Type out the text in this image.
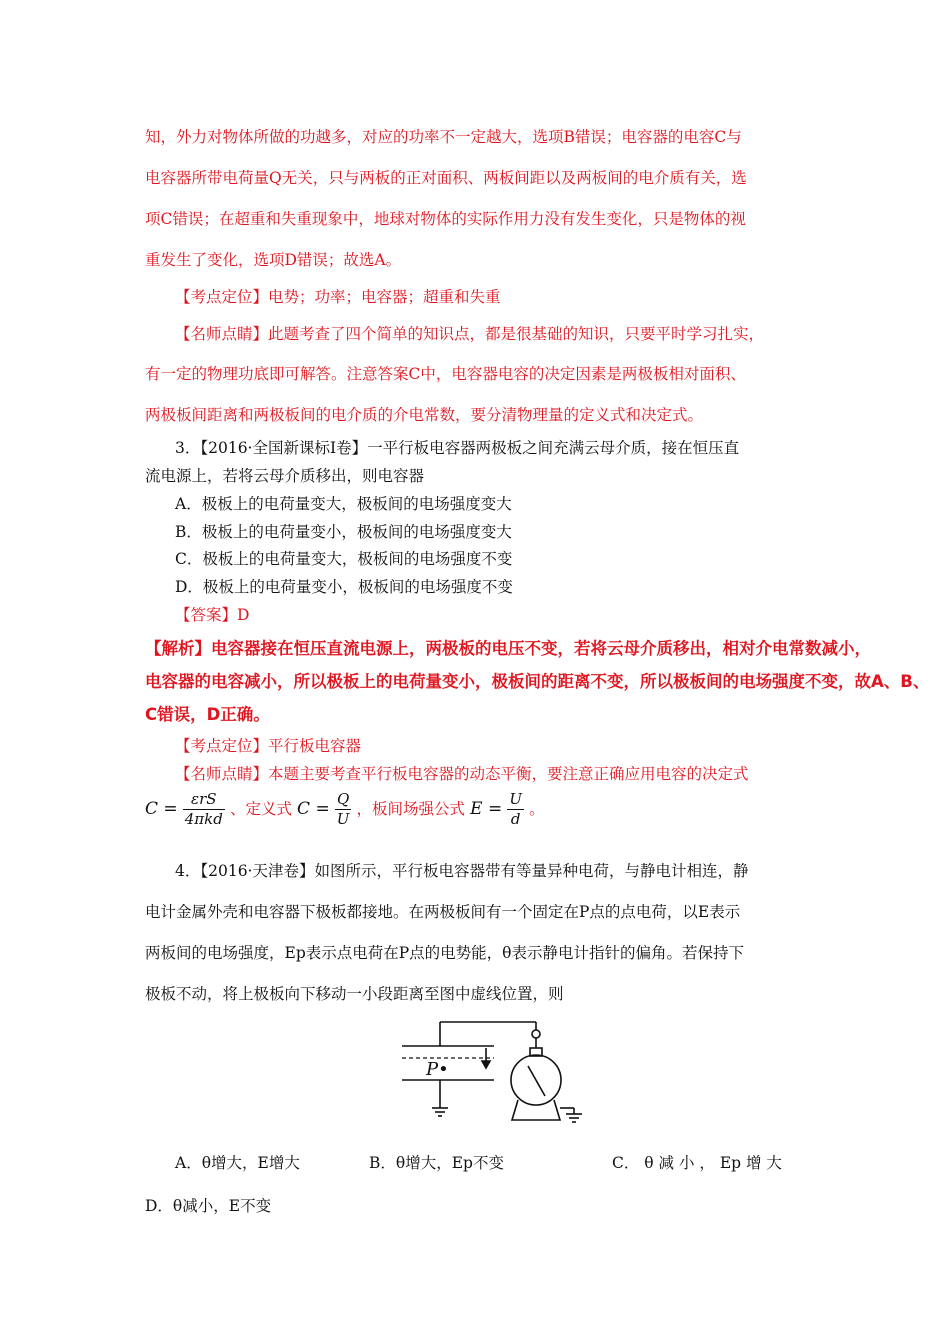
知，外力对物体所做的功越多，对应的功率不一定越大，选项B错误；电容器的电容C与
电容器所带电荷量Q无关，只与两板的正对面积、两板间距以及两板间的电介质有关，选
项C错误；在超重和失重现象中，地球对物体的实际作用力没有发生变化，只是物体的视
重发生了变化，选项D错误；故选A。
【考点定位】电势；功率；电容器；超重和失重
【名师点睛】此题考查了四个简单的知识点，都是很基础的知识，只要平时学习扎实，
有一定的物理功底即可解答。注意答案C中，电容器电容的决定因素是两极板相对面积、
两极板间距离和两极板间的电介质的介电常数，要分清物理量的定义式和决定式。
3．【2016·全国新课标I卷】一平行板电容器两极板之间充满云母介质，接在恒压直
流电源上，若将云母介质移出，则电容器
A．极板上的电荷量变大，极板间的电场强度变大
B．极板上的电荷量变小，极板间的电场强度变大
C．极板上的电荷量变大，极板间的电场强度不变
D．极板上的电荷量变小，极板间的电场强度不变
【答案】D
【解析】电容器接在恒压直流电源上，两极板的电压不变，若将云母介质移出，相对介电常数减小，
电容器的电容减小，所以极板上的电荷量变小，极板间的距离不变，所以极板间的电场强度不变，故A、B、
C错误，D正确。
【考点定位】平行板电容器
【名师点睛】本题主要考查平行板电容器的动态平衡，要注意正确应用电容的决定式
$C = \frac{\text{εrS}}{\text{4πkd}}$ 、定义式 $C = \frac{Q}{U}$ ，板间场强公式 $E = \frac{U}{d}$ 。
4．【2016·天津卷】如图所示，平行板电容器带有等量异种电荷，与静电计相连，静
电计金属外壳和电容器下极板都接地。在两极板间有一个固定在P点的点电荷，以E表示
两板间的电场强度，Ep表示点电荷在P点的电势能，θ表示静电计指针的偏角。若保持下
极板不动，将上极板向下移动一小段距离至图中虚线位置，则
P•
A．θ增大，E增大	B．θ增大，Ep不变	C． θ 减 小 ， Ep 增 大
D．θ减小，E不变
